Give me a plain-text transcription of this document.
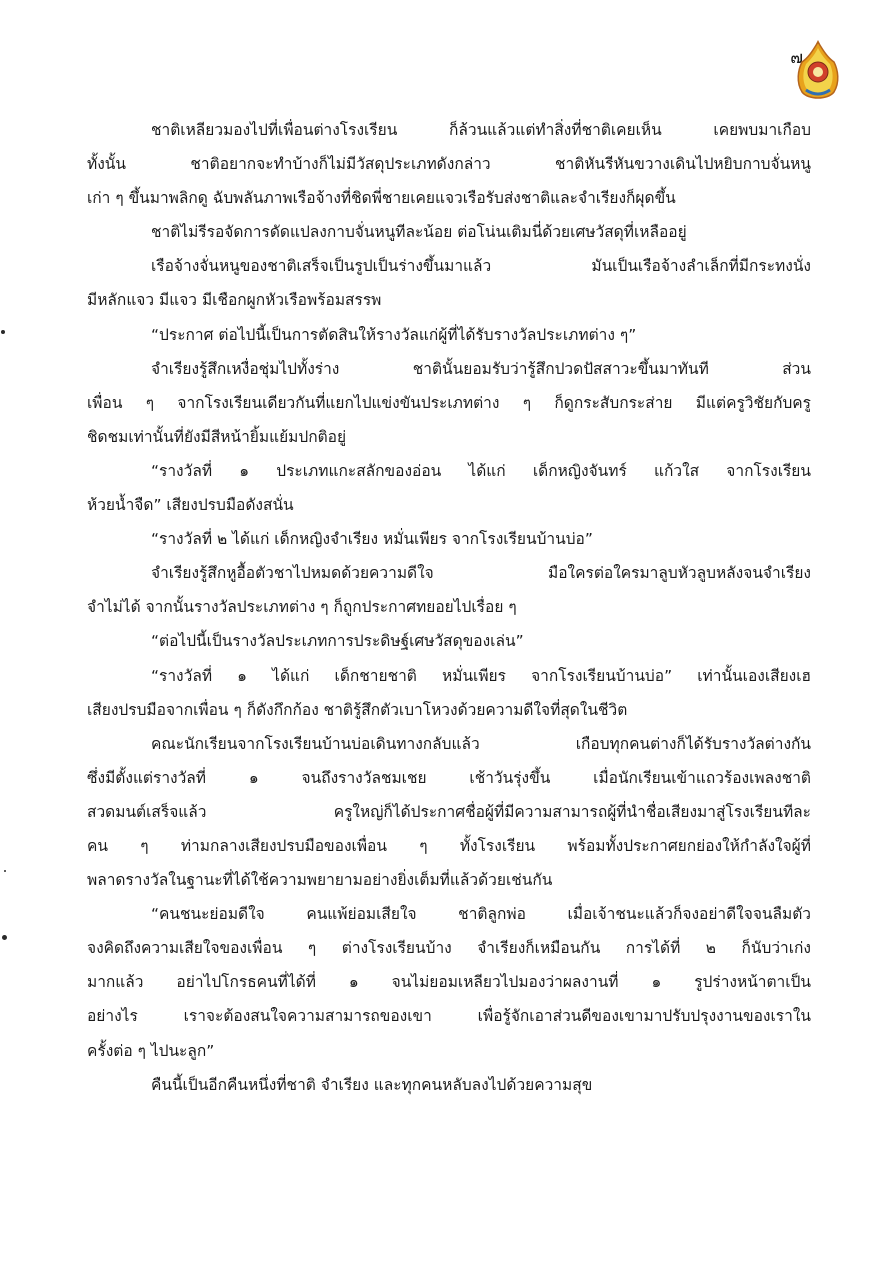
๗
ชาติเหลียวมองไปที่เพื่อนต่างโรงเรียน ก็ล้วนแล้วแต่ทำสิ่งที่ชาติเคยเห็น เคยพบมาเกือบ
ทั้งนั้น ชาติอยากจะทำบ้างก็ไม่มีวัสดุประเภทดังกล่าว ชาติหันรีหันขวางเดินไปหยิบกาบจั่นหนู
เก่า ๆ ขึ้นมาพลิกดู ฉับพลันภาพเรือจ้างที่ชิดพี่ชายเคยแจวเรือรับส่งชาติและจำเรียงก็ผุดขึ้น
ชาติไม่รีรอจัดการดัดแปลงกาบจั่นหนูทีละน้อย ต่อโน่นเติมนี่ด้วยเศษวัสดุที่เหลืออยู่
เรือจ้างจั่นหนูของชาติเสร็จเป็นรูปเป็นร่างขึ้นมาแล้ว มันเป็นเรือจ้างลำเล็กที่มีกระทงนั่ง
มีหลักแจว มีแจว มีเชือกผูกหัวเรือพร้อมสรรพ
“ประกาศ ต่อไปนี้เป็นการตัดสินให้รางวัลแก่ผู้ที่ได้รับรางวัลประเภทต่าง ๆ”
จำเรียงรู้สึกเหงื่อชุ่มไปทั้งร่าง ชาตินั้นยอมรับว่ารู้สึกปวดปัสสาวะขึ้นมาทันที ส่วน
เพื่อน ๆ จากโรงเรียนเดียวกันที่แยกไปแข่งขันประเภทต่าง ๆ ก็ดูกระสับกระส่าย มีแต่ครูวิชัยกับครู
ชิดชมเท่านั้นที่ยังมีสีหน้ายิ้มแย้มปกติอยู่
“รางวัลที่ ๑ ประเภทแกะสลักของอ่อน ได้แก่ เด็กหญิงจันทร์ แก้วใส จากโรงเรียน
ห้วยน้ำจืด” เสียงปรบมือดังสนั่น
“รางวัลที่ ๒ ได้แก่ เด็กหญิงจำเรียง หมั่นเพียร จากโรงเรียนบ้านบ่อ”
จำเรียงรู้สึกหูอื้อตัวชาไปหมดด้วยความดีใจ มือใครต่อใครมาลูบหัวลูบหลังจนจำเรียง
จำไม่ได้ จากนั้นรางวัลประเภทต่าง ๆ ก็ถูกประกาศทยอยไปเรื่อย ๆ
“ต่อไปนี้เป็นรางวัลประเภทการประดิษฐ์เศษวัสดุของเล่น”
“รางวัลที่ ๑ ได้แก่ เด็กชายชาติ หมั่นเพียร จากโรงเรียนบ้านบ่อ” เท่านั้นเองเสียงเฮ
เสียงปรบมือจากเพื่อน ๆ ก็ดังกึกก้อง ชาติรู้สึกตัวเบาโหวงด้วยความดีใจที่สุดในชีวิต
คณะนักเรียนจากโรงเรียนบ้านบ่อเดินทางกลับแล้ว เกือบทุกคนต่างก็ได้รับรางวัลต่างกัน
ซึ่งมีตั้งแต่รางวัลที่ ๑ จนถึงรางวัลชมเชย เช้าวันรุ่งขึ้น เมื่อนักเรียนเข้าแถวร้องเพลงชาติ
สวดมนต์เสร็จแล้ว ครูใหญ่ก็ได้ประกาศชื่อผู้ที่มีความสามารถผู้ที่นำชื่อเสียงมาสู่โรงเรียนทีละ
คน ๆ ท่ามกลางเสียงปรบมือของเพื่อน ๆ ทั้งโรงเรียน พร้อมทั้งประกาศยกย่องให้กำลังใจผู้ที่
พลาดรางวัลในฐานะที่ได้ใช้ความพยายามอย่างยิ่งเต็มที่แล้วด้วยเช่นกัน
“คนชนะย่อมดีใจ คนแพ้ย่อมเสียใจ ชาติลูกพ่อ เมื่อเจ้าชนะแล้วก็จงอย่าดีใจจนลืมตัว
จงคิดถึงความเสียใจของเพื่อน ๆ ต่างโรงเรียนบ้าง จำเรียงก็เหมือนกัน การได้ที่ ๒ ก็นับว่าเก่ง
มากแล้ว อย่าไปโกรธคนที่ได้ที่ ๑ จนไม่ยอมเหลียวไปมองว่าผลงานที่ ๑ รูปร่างหน้าตาเป็น
อย่างไร เราจะต้องสนใจความสามารถของเขา เพื่อรู้จักเอาส่วนดีของเขามาปรับปรุงงานของเราใน
ครั้งต่อ ๆ ไปนะลูก”
คืนนี้เป็นอีกคืนหนึ่งที่ชาติ จำเรียง และทุกคนหลับลงไปด้วยความสุข
